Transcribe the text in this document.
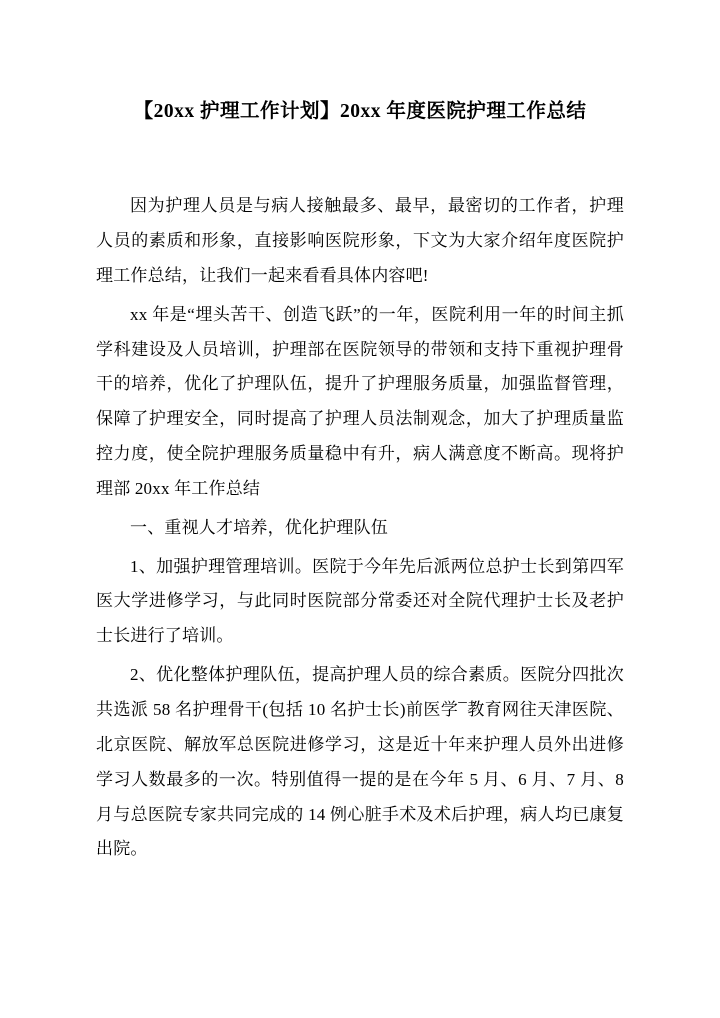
【20xx 护理工作计划】20xx 年度医院护理工作总结

因为护理人员是与病人接触最多、最早，最密切的工作者，护理人员的素质和形象，直接影响医院形象，下文为大家介绍年度医院护理工作总结，让我们一起来看看具体内容吧!

xx 年是“埋头苦干、创造飞跃”的一年，医院利用一年的时间主抓学科建设及人员培训，护理部在医院领导的带领和支持下重视护理骨干的培养，优化了护理队伍，提升了护理服务质量，加强监督管理，保障了护理安全，同时提高了护理人员法制观念，加大了护理质量监控力度，使全院护理服务质量稳中有升，病人满意度不断高。现将护理部 20xx 年工作总结

一、重视人才培养，优化护理队伍

1、加强护理管理培训。医院于今年先后派两位总护士长到第四军医大学进修学习，与此同时医院部分常委还对全院代理护士长及老护士长进行了培训。

2、优化整体护理队伍，提高护理人员的综合素质。医院分四批次共选派 58 名护理骨干(包括 10 名护士长)前医学¯教育网往天津医院、北京医院、解放军总医院进修学习，这是近十年来护理人员外出进修学习人数最多的一次。特别值得一提的是在今年 5 月、6 月、7 月、8 月与总医院专家共同完成的 14 例心脏手术及术后护理，病人均已康复出院。
